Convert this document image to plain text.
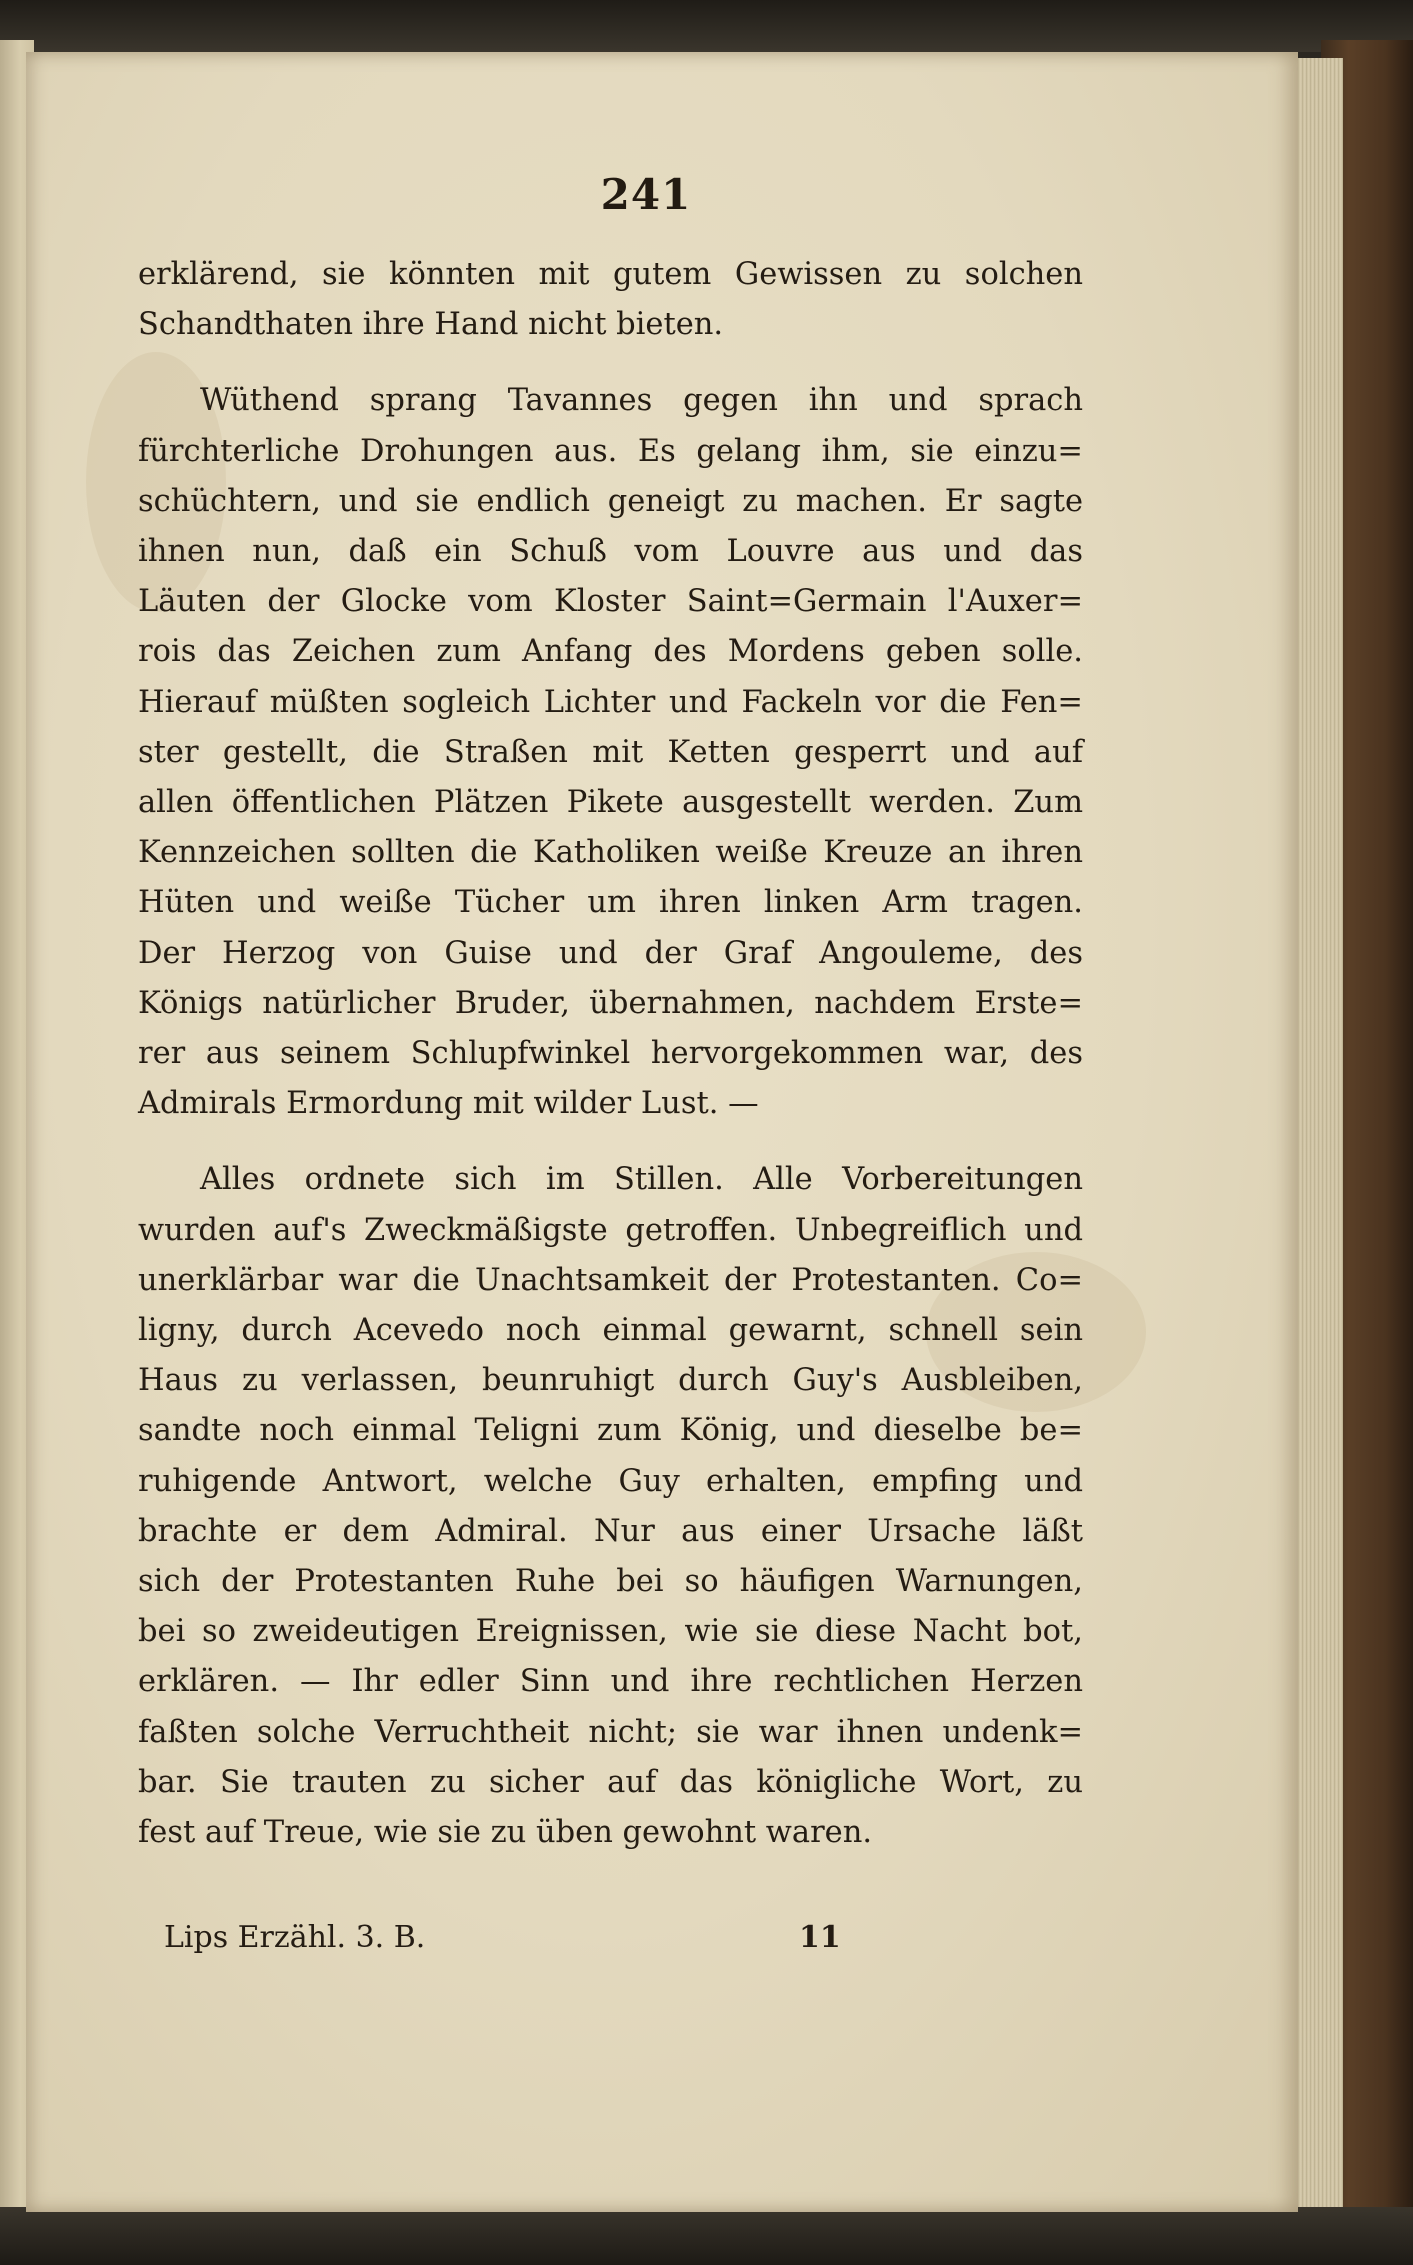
241

erklärend, sie könnten mit gutem Gewissen zu solchen
Schandthaten ihre Hand nicht bieten.

Wüthend sprang Tavannes gegen ihn und sprach
fürchterliche Drohungen aus. Es gelang ihm, sie einzu=
schüchtern, und sie endlich geneigt zu machen. Er sagte
ihnen nun, daß ein Schuß vom Louvre aus und das
Läuten der Glocke vom Kloster Saint=Germain l'Auxer=
rois das Zeichen zum Anfang des Mordens geben solle.
Hierauf müßten sogleich Lichter und Fackeln vor die Fen=
ster gestellt, die Straßen mit Ketten gesperrt und auf
allen öffentlichen Plätzen Pikete ausgestellt werden. Zum
Kennzeichen sollten die Katholiken weiße Kreuze an ihren
Hüten und weiße Tücher um ihren linken Arm tragen.
Der Herzog von Guise und der Graf Angouleme, des
Königs natürlicher Bruder, übernahmen, nachdem Erste=
rer aus seinem Schlupfwinkel hervorgekommen war, des
Admirals Ermordung mit wilder Lust. —

Alles ordnete sich im Stillen. Alle Vorbereitungen
wurden auf's Zweckmäßigste getroffen. Unbegreiflich und
unerklärbar war die Unachtsamkeit der Protestanten. Co=
ligny, durch Acevedo noch einmal gewarnt, schnell sein
Haus zu verlassen, beunruhigt durch Guy's Ausbleiben,
sandte noch einmal Teligni zum König, und dieselbe be=
ruhigende Antwort, welche Guy erhalten, empfing und
brachte er dem Admiral. Nur aus einer Ursache läßt
sich der Protestanten Ruhe bei so häufigen Warnungen,
bei so zweideutigen Ereignissen, wie sie diese Nacht bot,
erklären. — Ihr edler Sinn und ihre rechtlichen Herzen
faßten solche Verruchtheit nicht; sie war ihnen undenk=
bar. Sie trauten zu sicher auf das königliche Wort, zu
fest auf Treue, wie sie zu üben gewohnt waren.

Lips Erzähl. 3. B.	11
